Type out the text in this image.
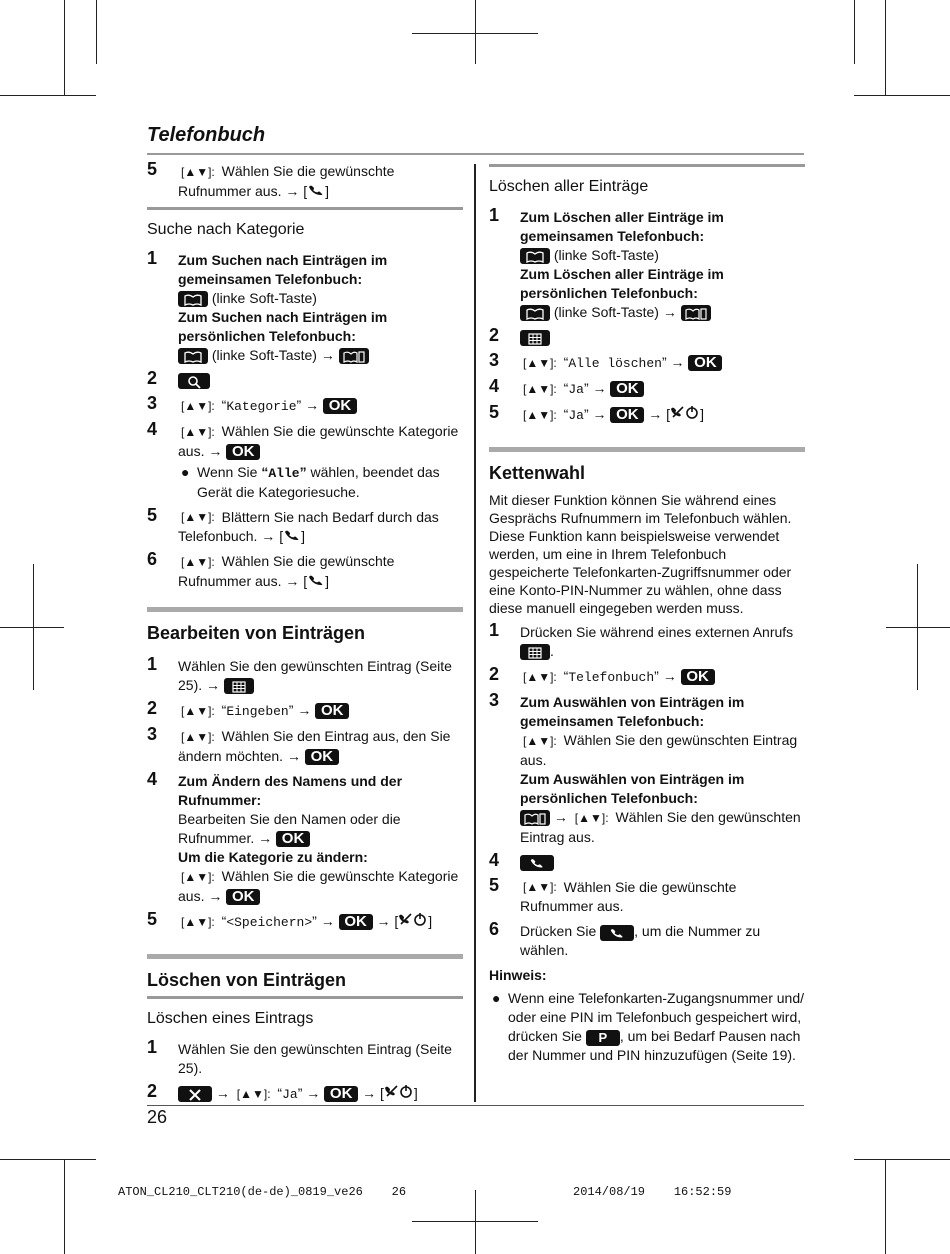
Telefonbuch
5 [▲▼]: Wählen Sie die gewünschte Rufnummer aus. → [ ]
Suche nach Kategorie
1 Zum Suchen nach Einträgen im gemeinsamen Telefonbuch:
(linke Soft-Taste)
Zum Suchen nach Einträgen im persönlichen Telefonbuch:
(linke Soft-Taste) →
2
3 [▲▼]: “Kategorie” → OK
4 [▲▼]: Wählen Sie die gewünschte Kategorie aus. → OK
● Wenn Sie “Alle” wählen, beendet das Gerät die Kategoriesuche.
5 [▲▼]: Blättern Sie nach Bedarf durch das Telefonbuch. → [ ]
6 [▲▼]: Wählen Sie die gewünschte Rufnummer aus. → [ ]
Bearbeiten von Einträgen
1 Wählen Sie den gewünschten Eintrag (Seite 25). →
2 [▲▼]: “Eingeben” → OK
3 [▲▼]: Wählen Sie den Eintrag aus, den Sie ändern möchten. → OK
4 Zum Ändern des Namens und der Rufnummer:
Bearbeiten Sie den Namen oder die Rufnummer. → OK
Um die Kategorie zu ändern:
[▲▼]: Wählen Sie die gewünschte Kategorie aus. → OK
5 [▲▼]: “<Speichern>” → OK → [ ]
Löschen von Einträgen
Löschen eines Eintrags
1 Wählen Sie den gewünschten Eintrag (Seite 25).
2	→ [▲▼]: “Ja” → OK → [ ]
Löschen aller Einträge
1 Zum Löschen aller Einträge im gemeinsamen Telefonbuch:
(linke Soft-Taste)
Zum Löschen aller Einträge im persönlichen Telefonbuch:
(linke Soft-Taste) →
2
3 [▲▼]: “Alle löschen” → OK
4 [▲▼]: “Ja” → OK
5 [▲▼]: “Ja” → OK → [ ]
Kettenwahl
Mit dieser Funktion können Sie während eines Gesprächs Rufnummern im Telefonbuch wählen. Diese Funktion kann beispielsweise verwendet werden, um eine in Ihrem Telefonbuch gespeicherte Telefonkarten-Zugriffsnummer oder eine Konto-PIN-Nummer zu wählen, ohne dass diese manuell eingegeben werden muss.
1 Drücken Sie während eines externen Anrufs .
2 [▲▼]: “Telefonbuch” → OK
3 Zum Auswählen von Einträgen im gemeinsamen Telefonbuch:
[▲▼]: Wählen Sie den gewünschten Eintrag aus.
Zum Auswählen von Einträgen im persönlichen Telefonbuch:
→ [▲▼]: Wählen Sie den gewünschten Eintrag aus.
4
5 [▲▼]: Wählen Sie die gewünschte Rufnummer aus.
6 Drücken Sie , um die Nummer zu wählen.
Hinweis:
● Wenn eine Telefonkarten-Zugangsnummer und/ oder eine PIN im Telefonbuch gespeichert wird, drücken Sie P , um bei Bedarf Pausen nach der Nummer und PIN hinzuzufügen (Seite 19).
26
ATON_CL210_CLT210(de-de)_0819_ve26    26	2014/08/19    16:52:59
